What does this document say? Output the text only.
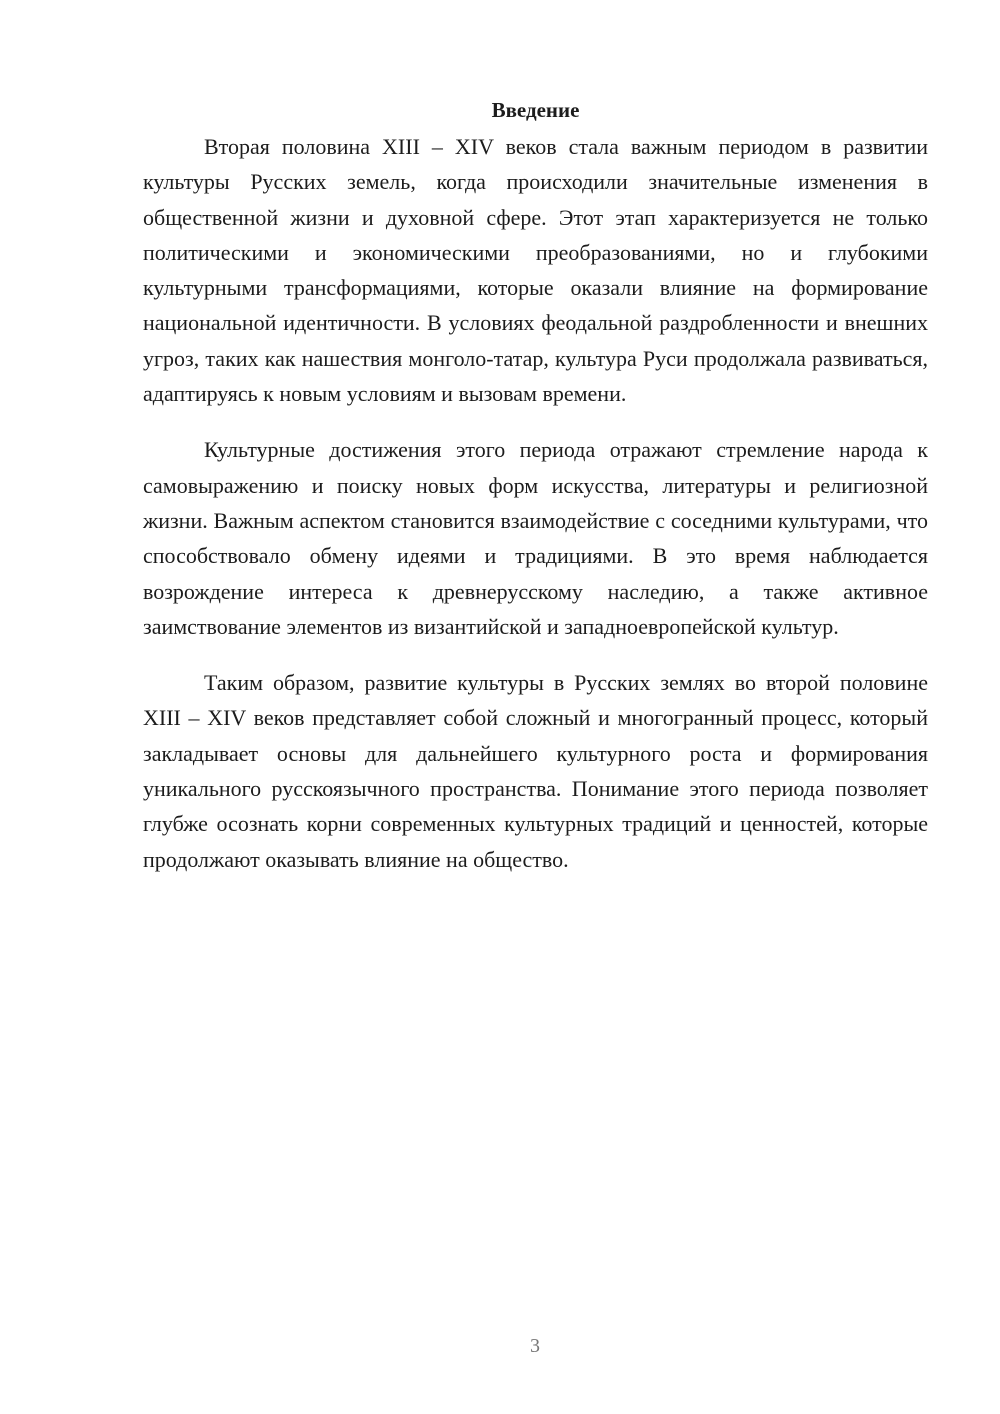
Введение

Вторая половина XIII – XIV веков стала важным периодом в развитии культуры Русских земель, когда происходили значительные изменения в общественной жизни и духовной сфере. Этот этап характеризуется не только политическими и экономическими преобразованиями, но и глубокими культурными трансформациями, которые оказали влияние на формирование национальной идентичности. В условиях феодальной раздробленности и внешних угроз, таких как нашествия монголо-татар, культура Руси продолжала развиваться, адаптируясь к новым условиям и вызовам времени.

Культурные достижения этого периода отражают стремление народа к самовыражению и поиску новых форм искусства, литературы и религиозной жизни. Важным аспектом становится взаимодействие с соседними культурами, что способствовало обмену идеями и традициями. В это время наблюдается возрождение интереса к древнерусскому наследию, а также активное заимствование элементов из византийской и западноевропейской культур.

Таким образом, развитие культуры в Русских землях во второй половине XIII – XIV веков представляет собой сложный и многогранный процесс, который закладывает основы для дальнейшего культурного роста и формирования уникального русскоязычного пространства. Понимание этого периода позволяет глубже осознать корни современных культурных традиций и ценностей, которые продолжают оказывать влияние на общество.

3
